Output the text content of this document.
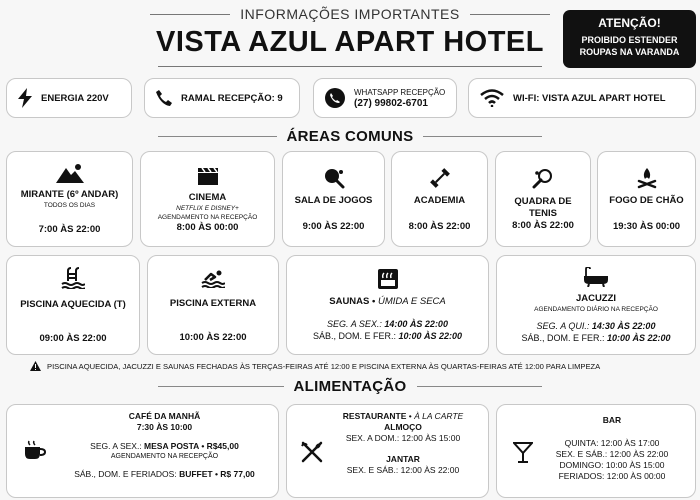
INFORMAÇÕES IMPORTANTES
VISTA AZUL APART HOTEL
ATENÇÃO!
PROIBIDO ESTENDER
ROUPAS NA VARANDA
ENERGIA 220V	RAMAL RECEPÇÃO: 9	WHATSAPP RECEPÇÃO
(27) 99802-6701	WI-FI: VISTA AZUL APART HOTEL
ÁREAS COMUNS
MIRANTE (6º ANDAR)
TODOS OS DIAS
7:00 ÀS 22:00
CINEMA
NETFLIX E DISNEY+
AGENDAMENTO NA RECEPÇÃO
8:00 ÀS 00:00
SALA DE JOGOS
9:00 ÀS 22:00
ACADEMIA
8:00 ÀS 22:00
QUADRA DE
TENIS
8:00 ÀS 22:00
FOGO DE CHÃO
19:30 ÀS 00:00
PISCINA AQUECIDA (T)
09:00 ÀS 22:00
PISCINA EXTERNA
10:00 ÀS 22:00
SAUNAS • ÚMIDA E SECA
SEG. A SEX.: 14:00 ÀS 22:00
SÁB., DOM. E FER.: 10:00 ÀS 22:00
JACUZZI
AGENDAMENTO DIÁRIO NA RECEPÇÃO
SEG. A QUI.: 14:30 ÀS 22:00
SÁB., DOM. E FER.: 10:00 ÀS 22:00
PISCINA AQUECIDA, JACUZZI E SAUNAS FECHADAS ÀS TERÇAS-FEIRAS ATÉ 12:00 E PISCINA EXTERNA ÀS QUARTAS-FEIRAS ATÉ 12:00 PARA LIMPEZA
ALIMENTAÇÃO
CAFÉ DA MANHÃ
7:30 ÀS 10:00
SEG. A SEX.: MESA POSTA • R$45,00
AGENDAMENTO NA RECEPÇÃO
SÁB., DOM. E FERIADOS: BUFFET • R$ 77,00
RESTAURANTE • À LA CARTE
ALMOÇO
SEX. A DOM.: 12:00 ÀS 15:00
JANTAR
SEX. E SÁB.: 12:00 ÀS 22:00
BAR
QUINTA: 12:00 ÀS 17:00
SEX. E SÁB.: 12:00 ÀS 22:00
DOMINGO: 10:00 ÀS 15:00
FERIADOS: 12:00 ÀS 00:00
